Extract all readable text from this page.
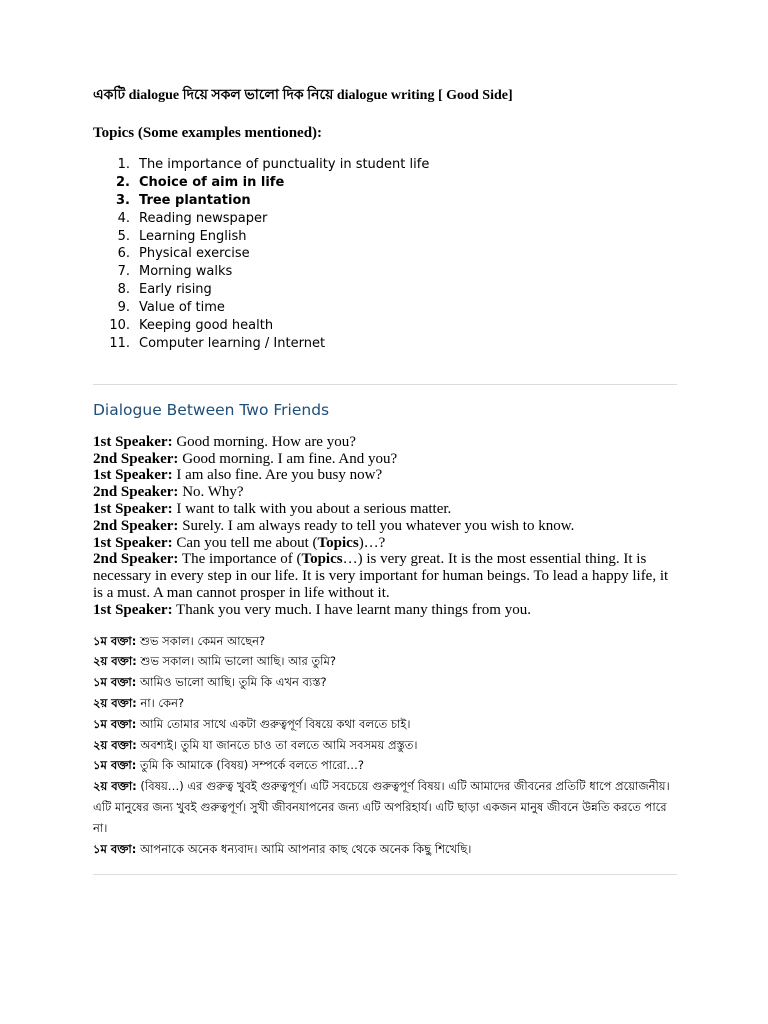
একটি dialogue দিয়ে সকল ভালো দিক নিয়ে dialogue writing [ Good Side]

Topics (Some examples mentioned):

1. The importance of punctuality in student life
2. Choice of aim in life
3. Tree plantation
4. Reading newspaper
5. Learning English
6. Physical exercise
7. Morning walks
8. Early rising
9. Value of time
10. Keeping good health
11. Computer learning / Internet
Dialogue Between Two Friends

1st Speaker: Good morning. How are you?

2nd Speaker: Good morning. I am fine. And you?

1st Speaker: I am also fine. Are you busy now?

2nd Speaker: No. Why?

1st Speaker: I want to talk with you about a serious matter.

2nd Speaker: Surely. I am always ready to tell you whatever you wish to know.

1st Speaker: Can you tell me about (Topics)…?

2nd Speaker: The importance of (Topics…) is very great. It is the most essential thing. It is necessary in every step in our life. It is very important for human beings. To lead a happy life, it is a must. A man cannot prosper in life without it.

1st Speaker: Thank you very much. I have learnt many things from you.

১ম বক্তা: শুভ সকাল। কেমন আছেন?

২য় বক্তা: শুভ সকাল। আমি ভালো আছি। আর তুমি?

১ম বক্তা: আমিও ভালো আছি। তুমি কি এখন ব্যস্ত?

২য় বক্তা: না। কেন?

১ম বক্তা: আমি তোমার সাথে একটা গুরুত্বপূর্ণ বিষয়ে কথা বলতে চাই।

২য় বক্তা: অবশ্যই। তুমি যা জানতে চাও তা বলতে আমি সবসময় প্রস্তুত।

১ম বক্তা: তুমি কি আমাকে (বিষয়) সম্পর্কে বলতে পারো…?

২য় বক্তা: (বিষয়…) এর গুরুত্ব খুবই গুরুত্বপূর্ণ। এটি সবচেয়ে গুরুত্বপূর্ণ বিষয়। এটি আমাদের জীবনের প্রতিটি ধাপে প্রয়োজনীয়। এটি মানুষের জন্য খুবই গুরুত্বপূর্ণ। সুখী জীবনযাপনের জন্য এটি অপরিহার্য। এটি ছাড়া একজন মানুষ জীবনে উন্নতি করতে পারে না।

১ম বক্তা: আপনাকে অনেক ধন্যবাদ। আমি আপনার কাছ থেকে অনেক কিছু শিখেছি।
